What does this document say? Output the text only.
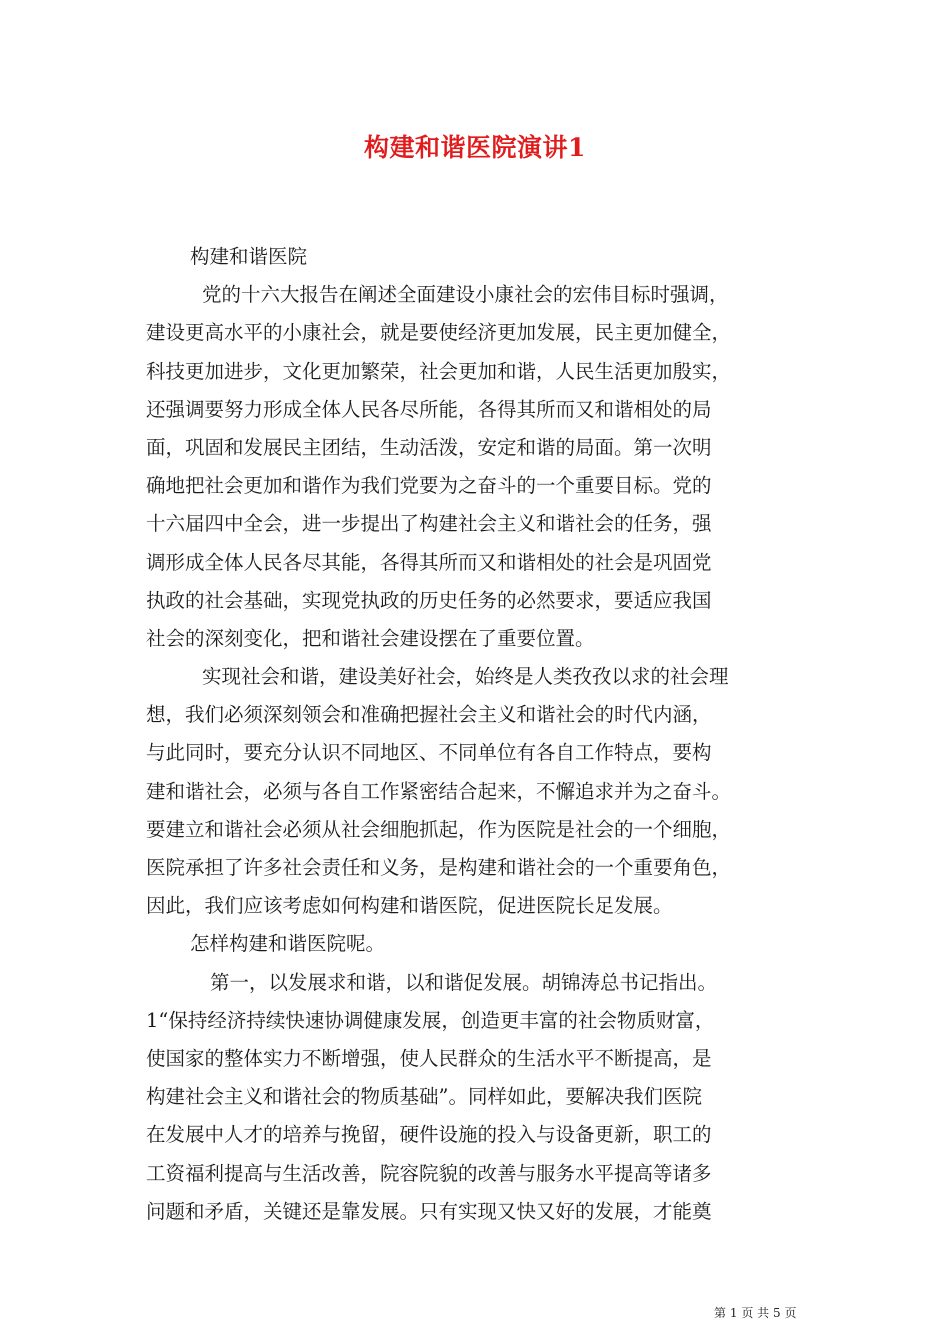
构建和谐医院演讲1
构建和谐医院
党的十六大报告在阐述全面建设小康社会的宏伟目标时强调，
建设更高水平的小康社会，就是要使经济更加发展，民主更加健全，
科技更加进步，文化更加繁荣，社会更加和谐，人民生活更加殷实，
还强调要努力形成全体人民各尽所能，各得其所而又和谐相处的局
面，巩固和发展民主团结，生动活泼，安定和谐的局面。第一次明
确地把社会更加和谐作为我们党要为之奋斗的一个重要目标。党的
十六届四中全会，进一步提出了构建社会主义和谐社会的任务，强
调形成全体人民各尽其能，各得其所而又和谐相处的社会是巩固党
执政的社会基础，实现党执政的历史任务的必然要求，要适应我国
社会的深刻变化，把和谐社会建设摆在了重要位置。
实现社会和谐，建设美好社会，始终是人类孜孜以求的社会理
想，我们必须深刻领会和准确把握社会主义和谐社会的时代内涵，
与此同时，要充分认识不同地区、不同单位有各自工作特点，要构
建和谐社会，必须与各自工作紧密结合起来，不懈追求并为之奋斗。
要建立和谐社会必须从社会细胞抓起，作为医院是社会的一个细胞，
医院承担了许多社会责任和义务，是构建和谐社会的一个重要角色，
因此，我们应该考虑如何构建和谐医院，促进医院长足发展。
怎样构建和谐医院呢。
第一，以发展求和谐，以和谐促发展。胡锦涛总书记指出。
1“保持经济持续快速协调健康发展，创造更丰富的社会物质财富，
使国家的整体实力不断增强，使人民群众的生活水平不断提高，是
构建社会主义和谐社会的物质基础”。同样如此，要解决我们医院
在发展中人才的培养与挽留，硬件设施的投入与设备更新，职工的
工资福利提高与生活改善，院容院貌的改善与服务水平提高等诸多
问题和矛盾，关键还是靠发展。只有实现又快又好的发展，才能奠
第 1 页 共 5 页
